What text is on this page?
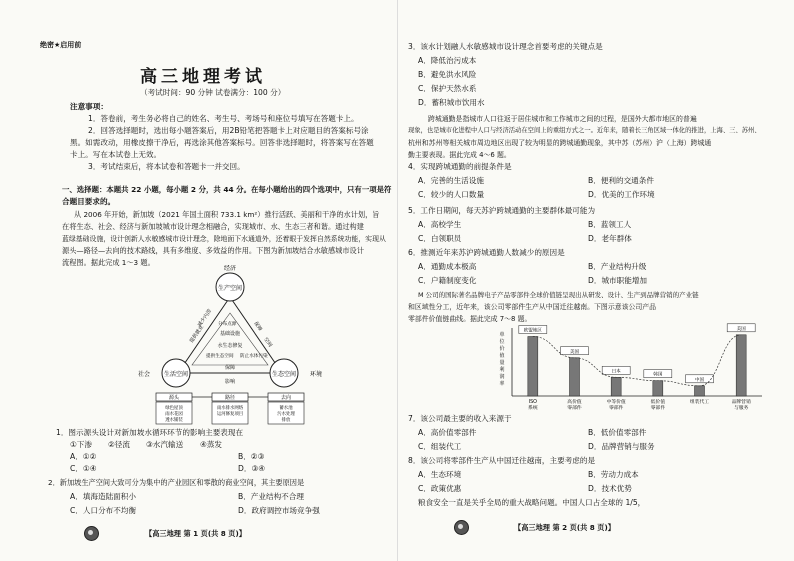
绝密★启用前
高三地理考试
（考试时间：90 分钟 试卷满分：100 分）
注意事项：
1．答卷前，考生务必将自己的姓名、考生号、考场号和座位号填写在答题卡上。
2．回答选择题时，选出每小题答案后，用2B铅笔把答题卡上对应题目的答案标号涂
黑。如需改动，用橡皮擦干净后，再选涂其他答案标号。回答非选择题时，将答案写在答题
卡上。写在本试卷上无效。
3．考试结束后，将本试卷和答题卡一并交回。
一、选择题：本题共 22 小题，每小题 2 分，共 44 分。在每小题给出的四个选项中，只有一项是符
合题目要求的。
从 2006 年开始，新加坡（2021 年国土面积 733.1 km²）推行活跃、美丽和干净的水计划，旨
在将生态、社会、经济与新加坡城市设计理念相融合，实现城市、水、生态三者和谐。通过构建
蓝绿基础设施，设计创新人水敏感城市设计理念，除地面下水通道外，还着眼于发挥自然系统功能，实现从
源头—路径—去向的技术路线，具有多维度、多效益的作用。下图为新加坡结合水敏感城市设计
流程图。据此完成 1～3 题。
生产空间
生活空间	生态空间
经济
社会	环境
减少内涝
提供就业	保障
空间
基础设施
水生态修复
保障
影响
分布点源
提供生态空间 防止水体污染
源头	路径	去向
绿色屋顶
雨水花园
透水铺装
雨水排水网络
运河修复项目
蓄水池
污水处理
排放
1．图示源头设计对新加坡水循环环节的影响主要表现在
①下渗 ②径流 ③水汽输送 ④蒸发
A．①②	B．②③
C．①④	D．③④
2．新加坡生产空间大致可分为集中的产业园区和零散的商业空间，其主要原因是
A．填海造陆面积小	B．产业结构不合理
C．人口分布不均衡	D．政府调控市场竞争强
【高三地理 第 1 页(共 8 页)】
3．该水计划融人水敏感城市设计理念首要考虑的关键点是
A．降低治污成本
B．避免洪水风险
C．保护天然水系
D．蓄积城市饮用水
跨城通勤是指城市人口往返于居住城市和工作城市之间的过程，是国外大都市地区的普遍
现象，也是城市化进程中人口与经济活动在空间上的重组方式之一。近年来，随着长三角区域一体化的推进，上海、三、苏州、
杭州和苏州等相关城市周边地区出现了较为明显的跨城通勤现象，其中苏（苏州）沪（上海）跨城通
勤主要表现。据此完成 4～6 题。
4．实现跨城通勤的前提条件是
A．完善的生活设施	B．便利的交通条件
C．较少的人口数量	D．优美的工作环境
5．工作日期间，每天苏沪跨城通勤的主要群体最可能为
A．高校学生	B．蓝领工人
C．白领职员	D．老年群体
6．推测近年来苏沪跨城通勤人数减少的原因是
A．通勤成本极高	B．产业结构升级
C．户籍制度变化	D．城市职能增加
M 公司的国际著名品牌电子产品零部件全球价值链呈现出从研发、设计、生产到品牌营销的产业链
和区域性分工，近年来，该公司零部件生产从中国迁往越南。下图示意该公司产品
零部件价值链曲线。据此完成 7～8 题。
单
位
价
值
量
利
润
率
欧盟地区
ISO
系统
美国
高价值
零部件
日本
中等价值
零部件
韩国
低价值
零部件
中国
组装代工
美国
品牌营销
与服务
7．该公司最主要的收入来源于
A．高价值零部件	B．低价值零部件
C．组装代工	D．品牌营销与服务
8．该公司将零部件生产从中国迁往越南，主要考虑的是
A．生态环境	B．劳动力成本
C．政策优惠	D．技术优势
粮食安全一直是关乎全局的重大战略问题。中国人口占全球的 1/5，
【高三地理 第 2 页(共 8 页)】
